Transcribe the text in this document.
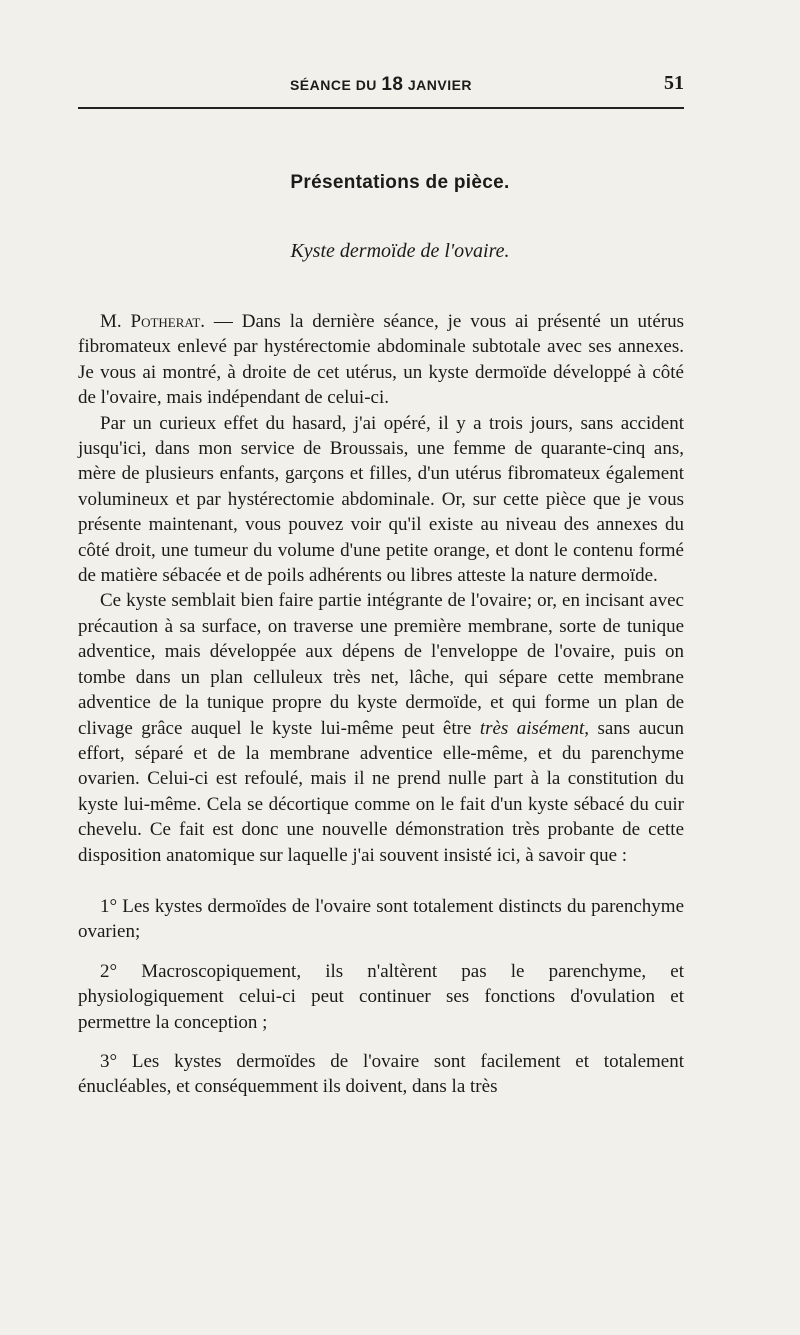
SÉANCE DU 18 JANVIER	51
Présentations de pièce.
Kyste dermoïde de l'ovaire.

M. Potherat. — Dans la dernière séance, je vous ai présenté un utérus fibromateux enlevé par hystérectomie abdominale subtotale avec ses annexes. Je vous ai montré, à droite de cet utérus, un kyste dermoïde développé à côté de l'ovaire, mais indépendant de celui-ci.

Par un curieux effet du hasard, j'ai opéré, il y a trois jours, sans accident jusqu'ici, dans mon service de Broussais, une femme de quarante-cinq ans, mère de plusieurs enfants, garçons et filles, d'un utérus fibromateux également volumineux et par hystérectomie abdominale. Or, sur cette pièce que je vous présente maintenant, vous pouvez voir qu'il existe au niveau des annexes du côté droit, une tumeur du volume d'une petite orange, et dont le contenu formé de matière sébacée et de poils adhérents ou libres atteste la nature dermoïde.

Ce kyste semblait bien faire partie intégrante de l'ovaire; or, en incisant avec précaution à sa surface, on traverse une première membrane, sorte de tunique adventice, mais développée aux dépens de l'enveloppe de l'ovaire, puis on tombe dans un plan celluleux très net, lâche, qui sépare cette membrane adventice de la tunique propre du kyste dermoïde, et qui forme un plan de clivage grâce auquel le kyste lui-même peut être très aisément, sans aucun effort, séparé et de la membrane adventice elle-même, et du parenchyme ovarien. Celui-ci est refoulé, mais il ne prend nulle part à la constitution du kyste lui-même. Cela se décortique comme on le fait d'un kyste sébacé du cuir chevelu. Ce fait est donc une nouvelle démonstration très probante de cette disposition anatomique sur laquelle j'ai souvent insisté ici, à savoir que :

1° Les kystes dermoïdes de l'ovaire sont totalement distincts du parenchyme ovarien;

2° Macroscopiquement, ils n'altèrent pas le parenchyme, et physiologiquement celui-ci peut continuer ses fonctions d'ovulation et permettre la conception ;

3° Les kystes dermoïdes de l'ovaire sont facilement et totalement énucléables, et conséquemment ils doivent, dans la très
